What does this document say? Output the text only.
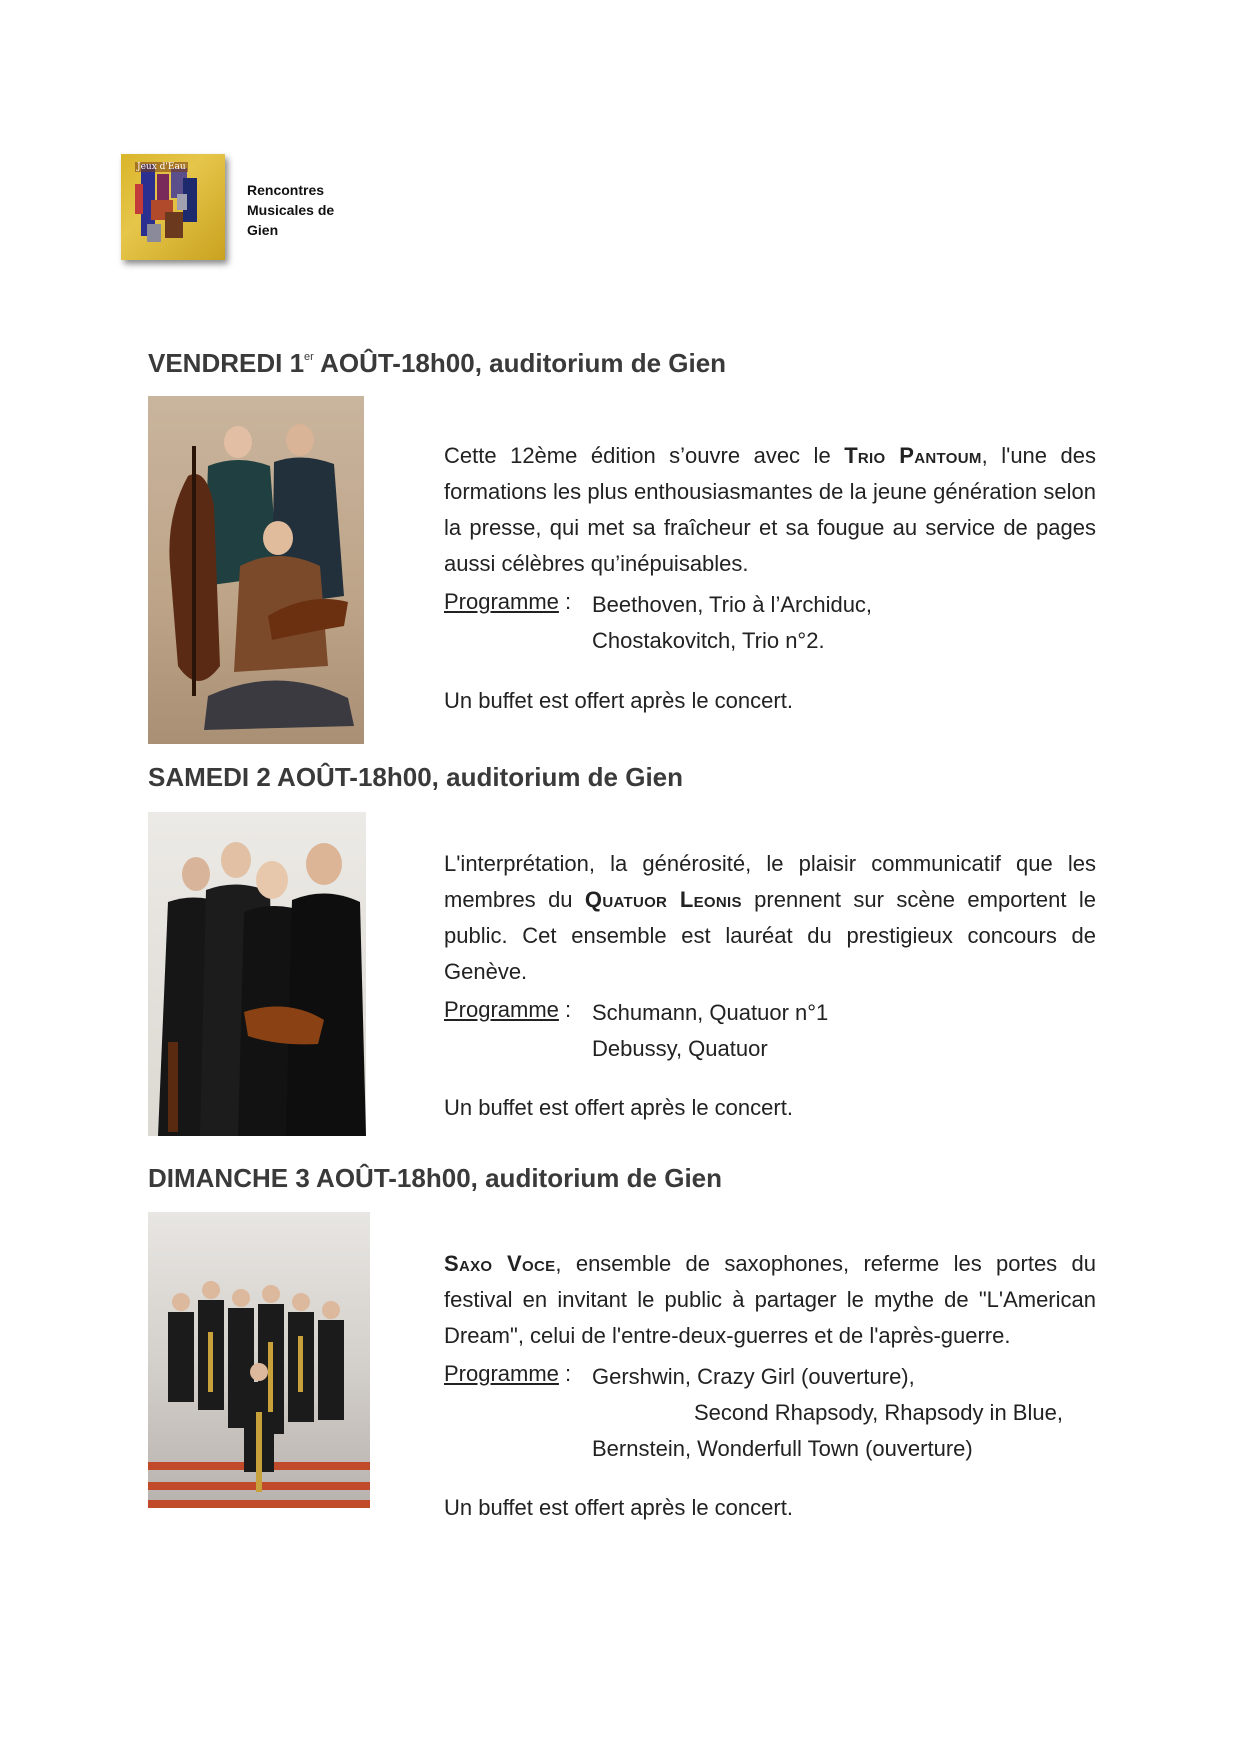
Jeux d'Eau
Rencontres
Musicales de
Gien
VENDREDI 1er AOÛT-18h00, auditorium de Gien
Cette 12ème édition s’ouvre avec le Trio Pantoum, l'une des formations les plus enthousiasmantes de la jeune génération selon la presse, qui met sa fraîcheur et sa fougue au service de pages aussi célèbres qu’inépuisables.
Programme : Beethoven, Trio à l’Archiduc,
Chostakovitch, Trio n°2.
Un buffet est offert après le concert.
SAMEDI 2 AOÛT-18h00, auditorium de Gien
L'interprétation, la générosité, le plaisir communicatif que les membres du Quatuor Leonis prennent sur scène emportent le public. Cet ensemble est lauréat du prestigieux concours de Genève.
Programme : Schumann, Quatuor n°1
Debussy, Quatuor
Un buffet est offert après le concert.
DIMANCHE 3 AOÛT-18h00, auditorium de Gien
Saxo Voce, ensemble de saxophones, referme les portes du festival en invitant le public à partager le mythe de "L'American Dream", celui de l'entre-deux-guerres et de l'après-guerre.
Programme : Gershwin, Crazy Girl (ouverture),
Second Rhapsody, Rhapsody in Blue,
Bernstein, Wonderfull Town (ouverture)
Un buffet est offert après le concert.
